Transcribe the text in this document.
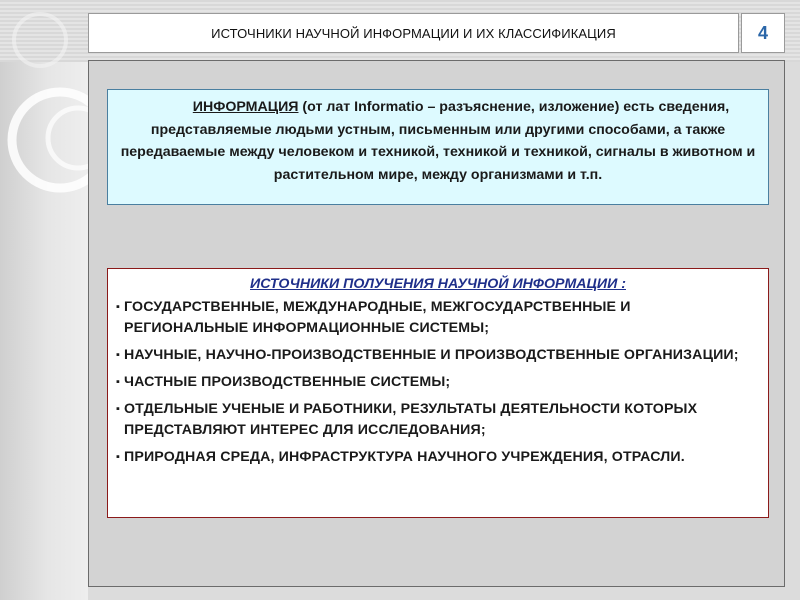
ИСТОЧНИКИ НАУЧНОЙ ИНФОРМАЦИИ И ИХ КЛАССИФИКАЦИЯ	4
ИНФОРМАЦИЯ (от лат Informatio – разъяснение, изложение) есть сведения, представляемые людьми устным, письменным или другими способами, а также передаваемые между человеком и техникой, техникой и техникой, сигналы в животном и растительном мире, между организмами и т.п.
ИСТОЧНИКИ ПОЛУЧЕНИЯ НАУЧНОЙ ИНФОРМАЦИИ :
▪ ГОСУДАРСТВЕННЫЕ, МЕЖДУНАРОДНЫЕ, МЕЖГОСУДАРСТВЕННЫЕ И РЕГИОНАЛЬНЫЕ ИНФОРМАЦИОННЫЕ СИСТЕМЫ;
▪ НАУЧНЫЕ, НАУЧНО-ПРОИЗВОДСТВЕННЫЕ И ПРОИЗВОДСТВЕННЫЕ ОРГАНИЗАЦИИ;
▪ ЧАСТНЫЕ ПРОИЗВОДСТВЕННЫЕ СИСТЕМЫ;
▪ ОТДЕЛЬНЫЕ УЧЕНЫЕ И РАБОТНИКИ, РЕЗУЛЬТАТЫ ДЕЯТЕЛЬНОСТИ КОТОРЫХ ПРЕДСТАВЛЯЮТ ИНТЕРЕС ДЛЯ ИССЛЕДОВАНИЯ;
▪ ПРИРОДНАЯ СРЕДА, ИНФРАСТРУКТУРА НАУЧНОГО УЧРЕЖДЕНИЯ, ОТРАСЛИ.
